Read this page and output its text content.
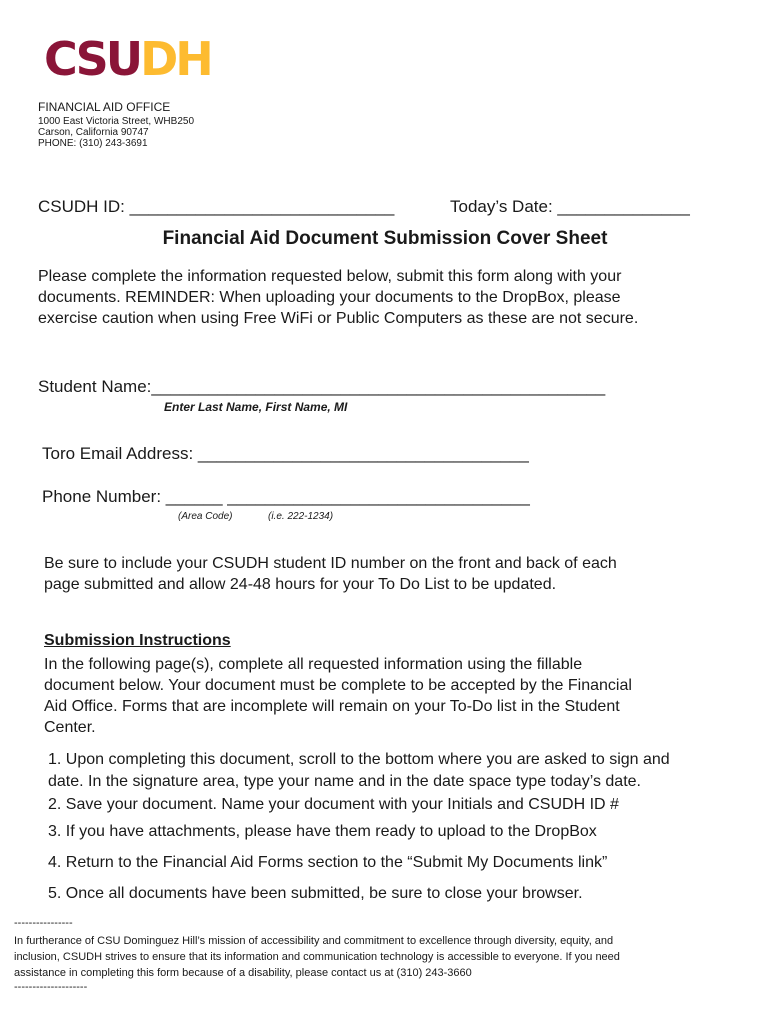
CSUDH
FINANCIAL AID OFFICE
1000 East Victoria Street, WHB250
Carson, California 90747
PHONE: (310) 243-3691
CSUDH ID: ____________________________	Today’s Date: ______________
Financial Aid Document Submission Cover Sheet
Please complete the information requested below, submit this form along with your
documents. REMINDER: When uploading your documents to the DropBox, please
exercise caution when using Free WiFi or Public Computers as these are not secure.
Student Name:________________________________________________
Enter Last Name, First Name, MI
Toro Email Address: ___________________________________
Phone Number: ______ ________________________________
(Area Code)	(i.e. 222-1234)
Be sure to include your CSUDH student ID number on the front and back of each
page submitted and allow 24-48 hours for your To Do List to be updated.
Submission Instructions
In the following page(s), complete all requested information using the fillable
document below. Your document must be complete to be accepted by the Financial
Aid Office. Forms that are incomplete will remain on your To-Do list in the Student
Center.
1. Upon completing this document, scroll to the bottom where you are asked to sign and
date. In the signature area, type your name and in the date space type today’s date.
2. Save your document. Name your document with your Initials and CSUDH ID #
3. If you have attachments, please have them ready to upload to the DropBox
4. Return to the Financial Aid Forms section to the “Submit My Documents link”
5. Once all documents have been submitted, be sure to close your browser.
----------------
In furtherance of CSU Dominguez Hill’s mission of accessibility and commitment to excellence through diversity, equity, and
inclusion, CSUDH strives to ensure that its information and communication technology is accessible to everyone. If you need
assistance in completing this form because of a disability, please contact us at (310) 243-3660
--------------------
